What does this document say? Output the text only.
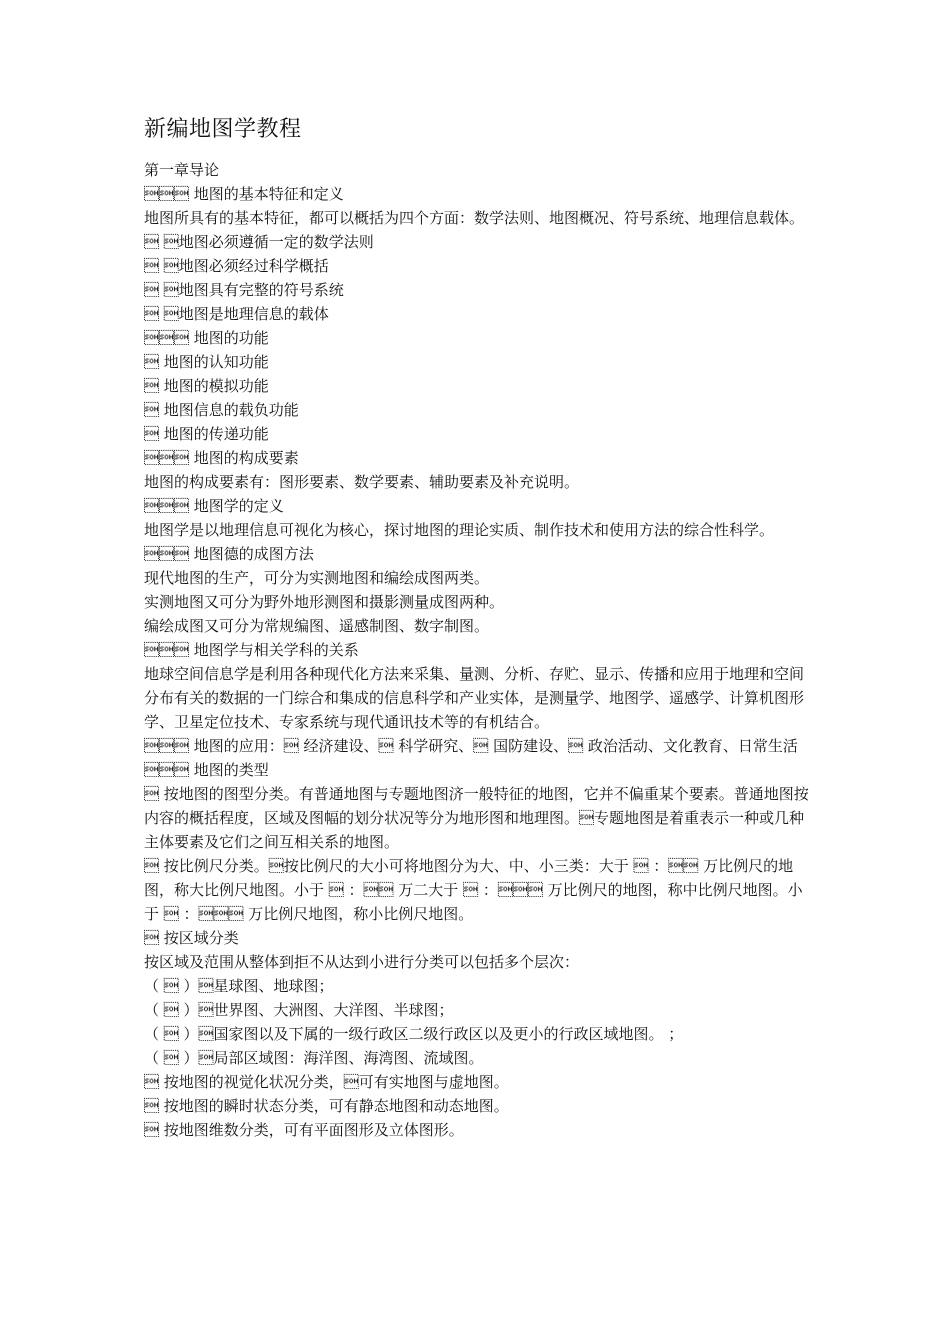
新编地图学教程

第一章导论

 地图的基本特征和定义

地图所具有的基本特征，都可以概括为四个方面：数学法则、地图概况、符号系统、地理信息载体。

 地图必须遵循一定的数学法则

 地图必须经过科学概括

 地图具有完整的符号系统

 地图是地理信息的载体

 地图的功能

 地图的认知功能

 地图的模拟功能

 地图信息的载负功能

 地图的传递功能

 地图的构成要素

地图的构成要素有：图形要素、数学要素、辅助要素及补充说明。

 地图学的定义

地图学是以地理信息可视化为核心，探讨地图的理论实质、制作技术和使用方法的综合性科学。

 地图德的成图方法

现代地图的生产，可分为实测地图和编绘成图两类。

实测地图又可分为野外地形测图和摄影测量成图两种。

编绘成图又可分为常规编图、遥感制图、数字制图。

 地图学与相关学科的关系

地球空间信息学是利用各种现代化方法来采集、量测、分析、存贮、显示、传播和应用于地理和空间分布有关的数据的一门综合和集成的信息科学和产业实体，是测量学、地图学、遥感学、计算机图形学、卫星定位技术、专家系统与现代通讯技术等的有机结合。

 地图的应用： 经济建设、 科学研究、 国防建设、 政治活动、文化教育、日常生活

 地图的类型

 按地图的图型分类。有普通地图与专题地图济一般特征的地图，它并不偏重某个要素。普通地图按内容的概括程度，区域及图幅的划分状况等分为地形图和地理图。专题地图是着重表示一种或几种主体要素及它们之间互相关系的地图。

 按比例尺分类。按比例尺的大小可将地图分为大、中、小三类：大于  ： 万比例尺的地图，称大比例尺地图。小于  ： 万二大于  ： 万比例尺的地图，称中比例尺地图。小于  ： 万比例尺地图，称小比例尺地图。

 按区域分类

按区域及范围从整体到拒不从达到小进行分类可以包括多个层次：

（  ）星球图、地球图；

（  ）世界图、大洲图、大洋图、半球图；

（  ）国家图以及下属的一级行政区二级行政区以及更小的行政区域地图。 ；

（  ）局部区域图：海洋图、海湾图、流域图。

 按地图的视觉化状况分类，可有实地图与虚地图。

 按地图的瞬时状态分类，可有静态地图和动态地图。

 按地图维数分类，可有平面图形及立体图形。
